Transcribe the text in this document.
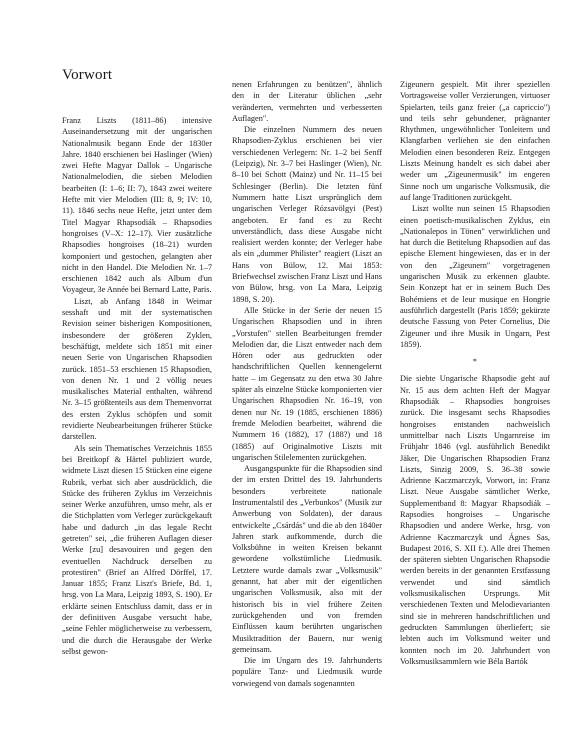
Vorwort

Franz Liszts (1811–86) intensive Auseinandersetzung mit der ungarischen Nationalmusik begann Ende der 1830er Jahre. 1840 erschienen bei Haslinger (Wien) zwei Hefte Magyar Dallok – Ungarische Nationalmelodien, die sieben Melodien bearbeiten (I: 1–6; II: 7), 1843 zwei weitere Hefte mit vier Melodien (III: 8, 9; IV: 10, 11). 1846 sechs neue Hefte, jetzt unter dem Titel Magyar Rhapsodiák – Rhapsodies hongroises (V–X: 12–17). Vier zusätzliche Rhapsodies hongroises (18–21) wurden komponiert und gestochen, gelangten aber nicht in den Handel. Die Melodien Nr. 1–7 erschienen 1842 auch als Album d'un Voyageur, 3e Année bei Bernard Latte, Paris.

Liszt, ab Anfang 1848 in Weimar sesshaft und mit der systematischen Revision seiner bisherigen Kompositionen, insbesondere der größeren Zyklen, beschäftigt, meldete sich 1851 mit einer neuen Serie von Ungarischen Rhapsodien zurück. 1851–53 erschienen 15 Rhapsodien, von denen Nr. 1 und 2 völlig neues musikalisches Material enthalten, während Nr. 3–15 größtenteils aus dem Themenvorrat des ersten Zyklus schöpfen und somit revidierte Neubearbeitungen früherer Stücke darstellen.

Als sein Thematisches Verzeichnis 1855 bei Breitkopf & Härtel publiziert wurde, widmete Liszt diesen 15 Stücken eine eigene Rubrik, verbat sich aber ausdrücklich, die Stücke des früheren Zyklus im Verzeichnis seiner Werke anzuführen, umso mehr, als er die Stichplatten vom Verleger zurückgekauft habe und dadurch „in das legale Recht getreten" sei, „die früheren Auflagen dieser Werke [zu] desavouiren und gegen den eventuellen Nachdruck derselben zu protestiren" (Brief an Alfred Dörffel, 17. Januar 1855; Franz Liszt's Briefe, Bd. 1, hrsg. von La Mara, Leipzig 1893, S. 190). Er erklärte seinen Entschluss damit, dass er in der definitiven Ausgabe versucht habe, „seine Fehler möglicherweise zu verbessern, und die durch die Herausgabe der Werke selbst gewon-

nenen Erfahrungen zu benützen", ähnlich den in der Literatur üblichen „sehr veränderten, vermehrten und verbesserten Auflagen".

Die einzelnen Nummern des neuen Rhapsodien-Zyklus erschienen bei vier verschiedenen Verlegern: Nr. 1–2 bei Senff (Leipzig), Nr. 3–7 bei Haslinger (Wien), Nr. 8–10 bei Schott (Mainz) und Nr. 11–15 bei Schlesinger (Berlin). Die letzten fünf Nummern hatte Liszt ursprünglich dem ungarischen Verleger Rózsavölgyi (Pest) angeboten. Er fand es zu Recht unverständlich, dass diese Ausgabe nicht realisiert werden konnte; der Verleger habe als ein „dummer Philister" reagiert (Liszt an Hans von Bülow, 12. Mai 1853: Briefwechsel zwischen Franz Liszt und Hans von Bülow, hrsg. von La Mara, Leipzig 1898, S. 20).

Alle Stücke in der Serie der neuen 15 Ungarischen Rhapsodien und in ihren „Vorstufen" stellen Bearbeitungen fremder Melodien dar, die Liszt entweder nach dem Hören oder aus gedruckten oder handschriftlichen Quellen kennengelernt hatte – im Gegensatz zu den etwa 30 Jahre später als einzelne Stücke komponierten vier Ungarischen Rhapsodien Nr. 16–19, von denen nur Nr. 19 (1885, erschienen 1886) fremde Melodien bearbeitet, während die Nummern 16 (1882), 17 (188?) und 18 (1885) auf Originalmotive Liszts mit ungarischen Stilelementen zurückgehen.

Ausgangspunkte für die Rhapsodien sind der im ersten Drittel des 19. Jahrhunderts besonders verbreitete nationale Instrumentalstil des „Verbunkos" (Musik zur Anwerbung von Soldaten), der daraus entwickelte „Csárdás" und die ab den 1840er Jahren stark aufkommende, durch die Volksbühne in weiten Kreisen bekannt gewordene volkstümliche Liedmusik. Letztere wurde damals zwar „Volksmusik" genannt, hat aber mit der eigentlichen ungarischen Volksmusik, also mit der historisch bis in viel frühere Zeiten zurückgehenden und von fremden Einflüssen kaum berührten ungarischen Musiktradition der Bauern, nur wenig gemeinsam.

Die im Ungarn des 19. Jahrhunderts populäre Tanz- und Liedmusik wurde vorwiegend von damals sogenannten

Zigeunern gespielt. Mit ihrer speziellen Vortragsweise voller Verzierungen, virtuoser Spielarten, teils ganz freier („a capriccio") und teils sehr gebundener, prägnanter Rhythmen, ungewöhnlicher Tonleitern und Klangfarben verliehen sie den einfachen Melodien einen besonderen Reiz. Entgegen Liszts Meinung handelt es sich dabei aber weder um „Zigeunermusik" im engeren Sinne noch um ungarische Volksmusik, die auf lange Traditionen zurückgeht.

Liszt wollte nun seinen 15 Rhapsodien einen poetisch-musikalischen Zyklus, ein „Nationalepos in Tönen" verwirklichen und hat durch die Betitelung Rhapsodien auf das epische Element hingewiesen, das er in der von den „Zigeunern" vorgetragenen ungarischen Musik zu erkennen glaubte. Sein Konzept hat er in seinem Buch Des Bohémiens et de leur musique en Hongrie ausführlich dargestellt (Paris 1859; gekürzte deutsche Fassung von Peter Cornelius, Die Zigeuner und ihre Musik in Ungarn, Pest 1859).

*

Die siebte Ungarische Rhapsodie geht auf Nr. 15 aus dem achten Heft der Magyar Rhapsodiák – Rhapsodies hongroises zurück. Die insgesamt sechs Rhapsodies hongroises entstanden nachweislich unmittelbar nach Liszts Ungarnreise im Frühjahr 1846 (vgl. ausführlich Benedikt Jäker, Die Ungarischen Rhapsodien Franz Liszts, Sinzig 2009, S. 36–38 sowie Adrienne Kaczmarczyk, Vorwort, in: Franz Liszt. Neue Ausgabe sämtlicher Werke, Supplementband 8: Magyar Rhapsodiák – Rapsodies hongroises – Ungarische Rhapsodien und andere Werke, hrsg. von Adrienne Kaczmarczyk und Ágnes Sas, Budapest 2016, S. XII f.). Alle drei Themen der späteren siebten Ungarischen Rhapsodie werden bereits in der genannten Erstfassung verwendet und sind sämtlich volksmusikalischen Ursprungs. Mit verschiedenen Texten und Melodievarianten sind sie in mehreren handschriftlichen und gedruckten Sammlungen überliefert; sie lebten auch im Volksmund weiter und konnten noch im 20. Jahrhundert von Volksmusiksammlern wie Béla Bartók
